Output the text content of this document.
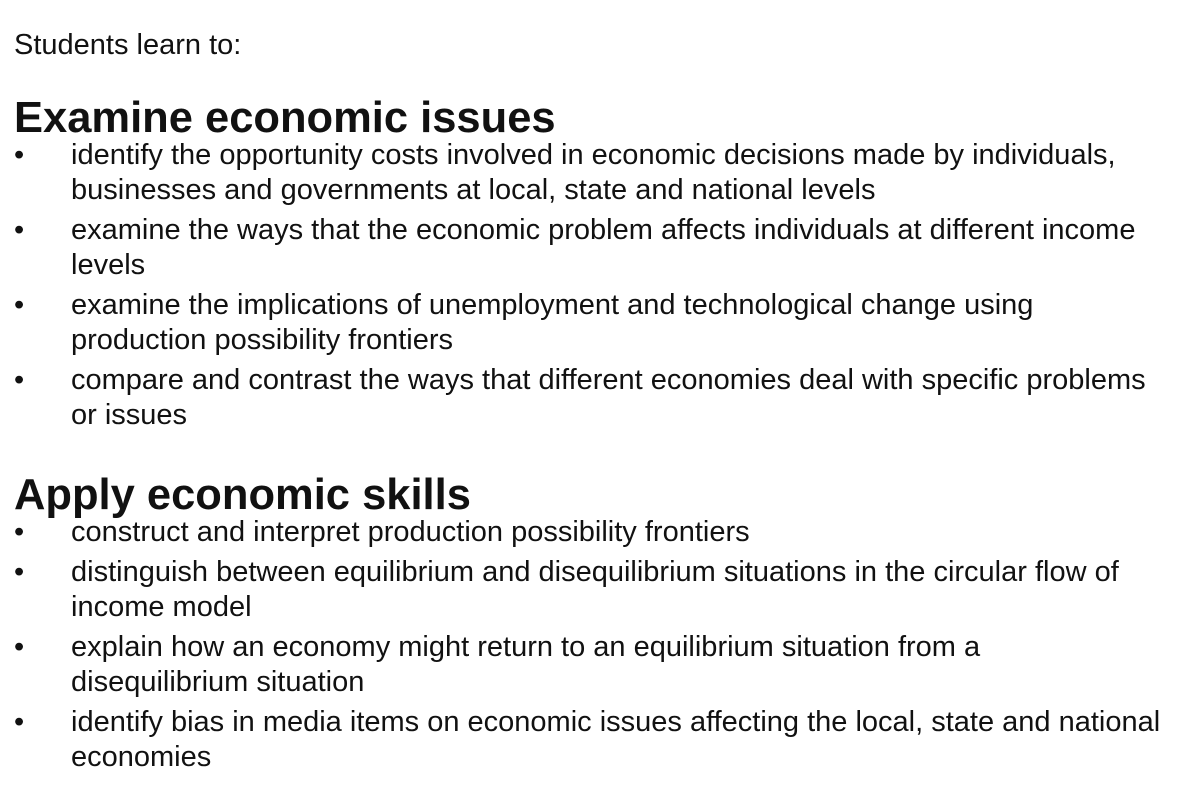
Students learn to:

Examine economic issues
•	identify the opportunity costs involved in economic decisions made by individuals, businesses and governments at local, state and national levels
•	examine the ways that the economic problem affects individuals at different income levels
•	examine the implications of unemployment and technological change using production possibility frontiers
•	compare and contrast the ways that different economies deal with specific problems or issues
Apply economic skills
•	construct and interpret production possibility frontiers
•	distinguish between equilibrium and disequilibrium situations in the circular flow of income model
•	explain how an economy might return to an equilibrium situation from a disequilibrium situation
•	identify bias in media items on economic issues affecting the local, state and national economies
